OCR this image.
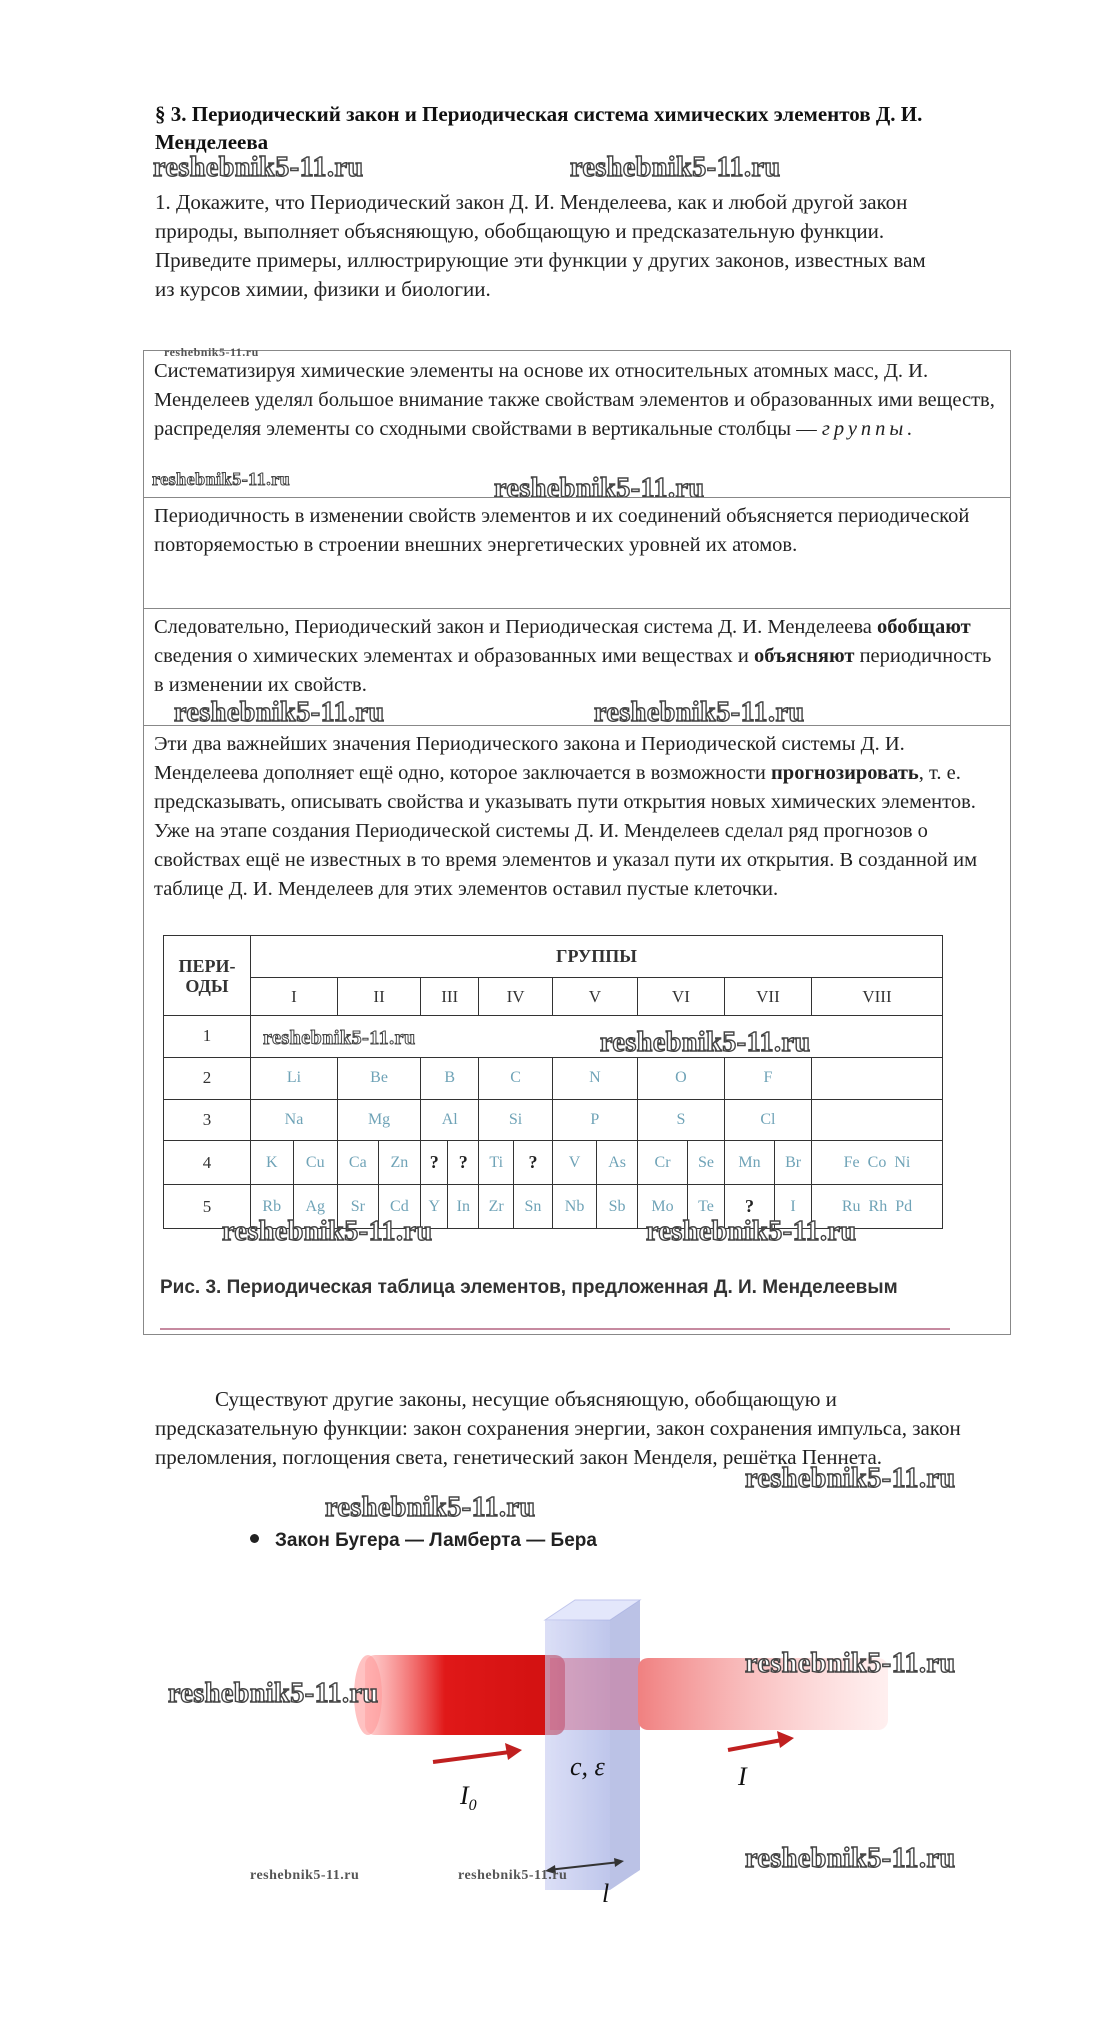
§ 3. Периодический закон и Периодическая система химических элементов Д. И. Менделеева
reshebnik5-11.ru	reshebnik5-11.ru
1. Докажите, что Периодический закон Д. И. Менделеева, как и любой другой закон природы, выполняет объясняющую, обобщающую и предсказательную функции. Приведите примеры, иллюстрирующие эти функции у других законов, известных вам из курсов химии, физики и биологии.
reshebnik5-11.ru

Систематизируя химические элементы на основе их относительных атомных масс, Д. И. Менделеев уделял большое внимание также свойствам элементов и образованных ими веществ, распределяя элементы со сходными свойствами в вертикальные столбцы — группы.

reshebnik5-11.ru	reshebnik5-11.ru

Периодичность в изменении свойств элементов и их соединений объясняется периодической повторяемостью в строении внешних энергетических уровней их атомов.

Следовательно, Периодический закон и Периодическая система Д. И. Менделеева обобщают сведения о химических элементах и образованных ими веществах и объясняют периодичность в изменении их свойств.

reshebnik5-11.ru	reshebnik5-11.ru

Эти два важнейших значения Периодического закона и Периодической системы Д. И. Менделеева дополняет ещё одно, которое заключается в возможности прогнозировать, т. е. предсказывать, описывать свойства и указывать пути открытия новых химических элементов. Уже на этапе создания Периодической системы Д. И. Менделеев сделал ряд прогнозов о свойствах ещё не известных в то время элементов и указал пути их открытия. В созданной им таблице Д. И. Менделеев для этих элементов оставил пустые клеточки.

ПЕРИ-
ОДЫ	ГРУППЫ														
	I		II		III		IV		V		VI		VII		VIII
1															
2	Li		Be		B		C		N		O		F		
3	Na		Mg		Al		Si		P		S		Cl		
4	K	Cu	Ca	Zn	?	?	Ti	?	V	As	Cr	Se	Mn	Br	Fe  Co  Ni
5	Rb	Ag	Sr	Cd	Y	In	Zr	Sn	Nb	Sb	Mo	Te	?	I	Ru  Rh  Pd
reshebnik5-11.ru	reshebnik5-11.ru
reshebnik5-11.ru	reshebnik5-11.ru
Рис. 3. Периодическая таблица элементов, предложенная Д. И. Менделеевым
Существуют другие законы, несущие объясняющую, обобщающую и предсказательную функции: закон сохранения энергии, закон сохранения импульса, закон преломления, поглощения света, генетический закон Менделя, решётка Пеннета.
reshebnik5-11.ru
reshebnik5-11.ru
Закон Бугера — Ламберта — Бера
$I_0$
I
c, ε
l
reshebnik5-11.ru
reshebnik5-11.ru
reshebnik5-11.ru
reshebnik5-11.ru	reshebnik5-11.ru
